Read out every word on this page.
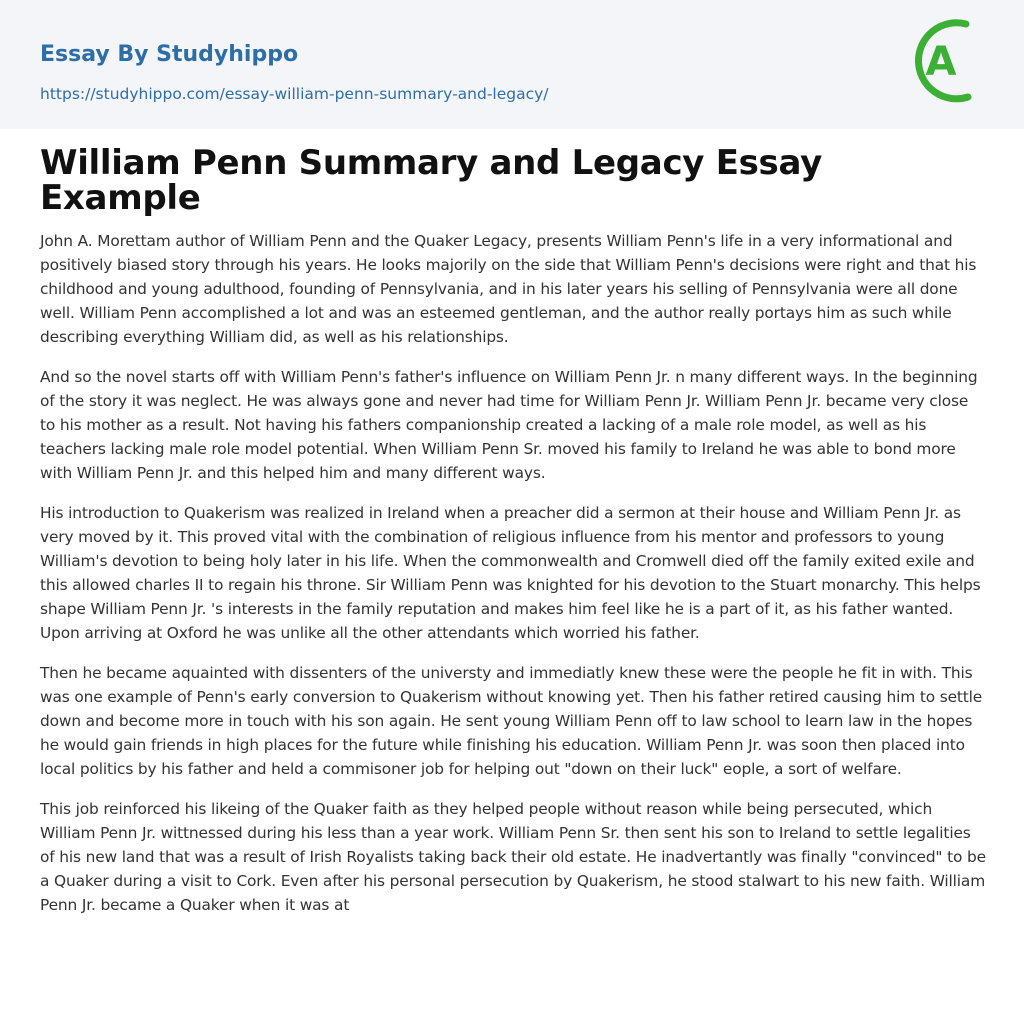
Essay By Studyhippo
https://studyhippo.com/essay-william-penn-summary-and-legacy/
A
William Penn Summary and Legacy Essay Example

John A. Morettam author of William Penn and the Quaker Legacy, presents William Penn's life in a very informational and positively biased story through his years. He looks majorily on the side that William Penn's decisions were right and that his childhood and young adulthood, founding of Pennsylvania, and in his later years his selling of Pennsylvania were all done well. William Penn accomplished a lot and was an esteemed gentleman, and the author really portays him as such while describing everything William did, as well as his relationships.

And so the novel starts off with William Penn's father's influence on William Penn Jr. n many different ways. In the beginning of the story it was neglect. He was always gone and never had time for William Penn Jr. William Penn Jr. became very close to his mother as a result. Not having his fathers companionship created a lacking of a male role model, as well as his teachers lacking male role model potential. When William Penn Sr. moved his family to Ireland he was able to bond more with William Penn Jr. and this helped him and many different ways.

His introduction to Quakerism was realized in Ireland when a preacher did a sermon at their house and William Penn Jr. as very moved by it. This proved vital with the combination of religious influence from his mentor and professors to young William's devotion to being holy later in his life. When the commonwealth and Cromwell died off the family exited exile and this allowed charles II to regain his throne. Sir William Penn was knighted for his devotion to the Stuart monarchy. This helps shape William Penn Jr. 's interests in the family reputation and makes him feel like he is a part of it, as his father wanted. Upon arriving at Oxford he was unlike all the other attendants which worried his father.

Then he became aquainted with dissenters of the universty and immediatly knew these were the people he fit in with. This was one example of Penn's early conversion to Quakerism without knowing yet. Then his father retired causing him to settle down and become more in touch with his son again. He sent young William Penn off to law school to learn law in the hopes he would gain friends in high places for the future while finishing his education. William Penn Jr. was soon then placed into local politics by his father and held a commisoner job for helping out "down on their luck" eople, a sort of welfare.

This job reinforced his likeing of the Quaker faith as they helped people without reason while being persecuted, which William Penn Jr. wittnessed during his less than a year work. William Penn Sr. then sent his son to Ireland to settle legalities of his new land that was a result of Irish Royalists taking back their old estate. He inadvertantly was finally "convinced" to be a Quaker during a visit to Cork. Even after his personal persecution by Quakerism, he stood stalwart to his new faith. William Penn Jr. became a Quaker when it was at
